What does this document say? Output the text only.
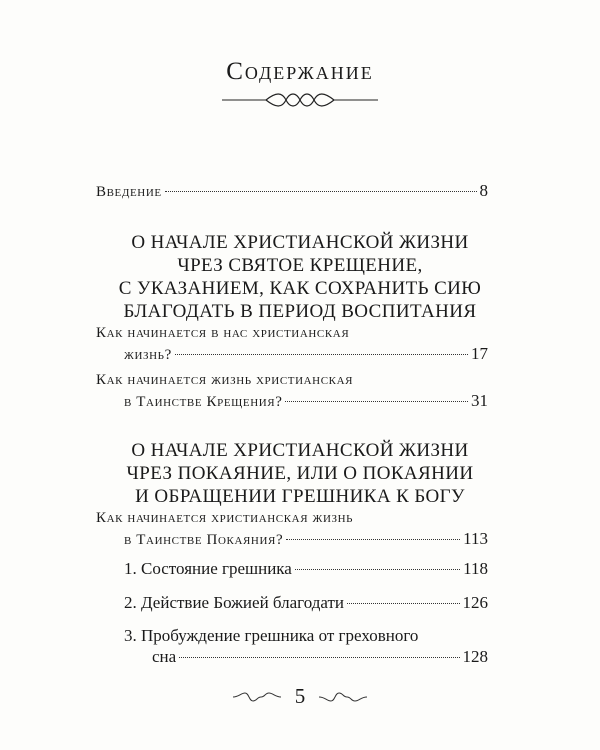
Содержание
Введение	8
О НАЧАЛЕ ХРИСТИАНСКОЙ ЖИЗНИ
ЧРЕЗ СВЯТОЕ КРЕЩЕНИЕ,
С УКАЗАНИЕМ, КАК СОХРАНИТЬ СИЮ
БЛАГОДАТЬ В ПЕРИОД ВОСПИТАНИЯ
Как начинается в нас христианская
жизнь?	17
Как начинается жизнь христианская
в Таинстве Крещения?	31
О НАЧАЛЕ ХРИСТИАНСКОЙ ЖИЗНИ
ЧРЕЗ ПОКАЯНИЕ, ИЛИ О ПОКАЯНИИ
И ОБРАЩЕНИИ ГРЕШНИКА К БОГУ
Как начинается христианская жизнь
в Таинстве Покаяния?	113
1. Состояние грешника	118
2. Действие Божией благодати	126
3. Пробуждение грешника от греховного
сна	128
5
